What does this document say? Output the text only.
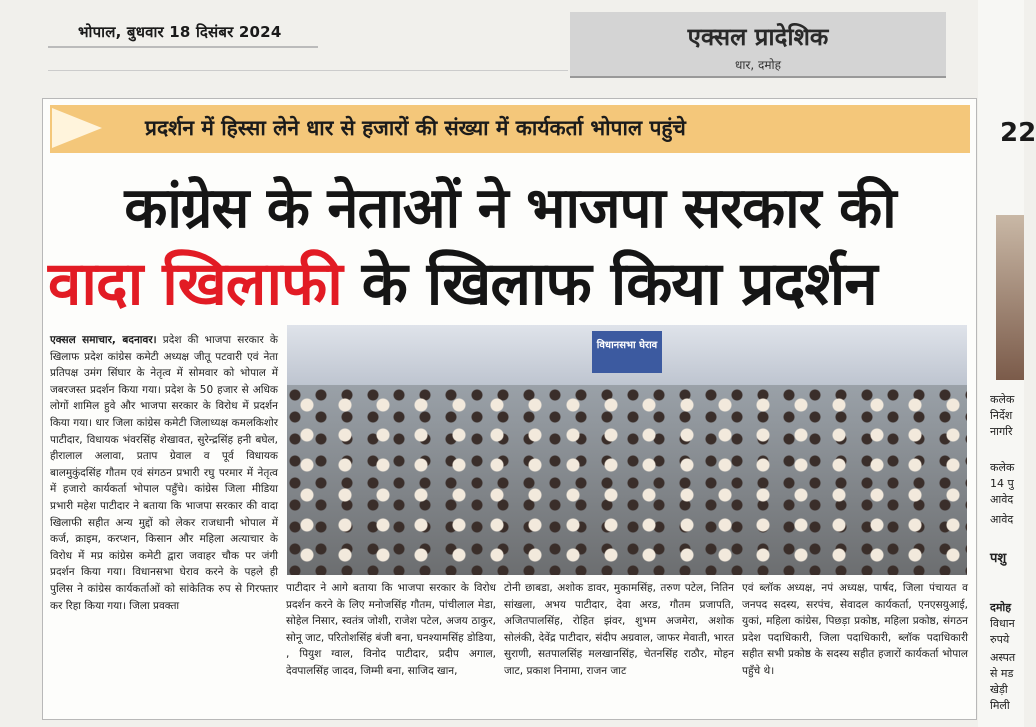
भोपाल, बुधवार 18 दिसंबर 2024	एक्सल प्रादेशिक
धार, दमोह
प्रदर्शन में हिस्सा लेने धार से हजारों की संख्या में कार्यकर्ता भोपाल पहुंचे
कांग्रेस के नेताओं ने भाजपा सरकार की
वादा खिलाफी के खिलाफ किया प्रदर्शन
एक्सल समाचार, बदनावर। प्रदेश की भाजपा सरकार के खिलाफ प्रदेश कांग्रेस कमेटी अध्यक्ष जीतू पटवारी एवं नेता प्रतिपक्ष उमंग सिंघार के नेतृत्व में सोमवार को भोपाल में जबरजस्त प्रदर्शन किया गया। प्रदेश के 50 हजार से अधिक लोगों शामिल हुवे और भाजपा सरकार के विरोध में प्रदर्शन किया गया। धार जिला कांग्रेस कमेटी जिलाध्यक्ष कमलकिशोर पाटीदार, विधायक भंवरसिंह शेखावत, सुरेन्द्रसिंह हनी बघेल, हीरालाल अलावा, प्रताप ग्रेवाल व पूर्व विधायक बालमुकुंदसिंह गौतम एवं संगठन प्रभारी रघु परमार में नेतृत्व में हजारो कार्यकर्ता भोपाल पहुँचे। कांग्रेस जिला मीडिया प्रभारी महेश पाटीदार ने बताया कि भाजपा सरकार की वादा खिलाफी सहीत अन्य मुद्दों को लेकर राजधानी भोपाल में कर्ज, क्राइम, करप्शन, किसान और महिला अत्याचार के विरोध में मप्र कांग्रेस कमेटी द्वारा जवाहर चौक पर जंगी प्रदर्शन किया गया। विधानसभा घेराव करने के पहले ही पुलिस ने कांग्रेस कार्यकर्ताओं को सांकेतिक रुप से गिरफ्तार कर रिहा किया गया। जिला प्रवक्ता
विधानसभा घेराव
पाटीदार ने आगे बताया कि भाजपा सरकार के विरोध प्रदर्शन करने के लिए मनोजसिंह गौतम, पांचीलाल मेडा, सोहेल निसार, स्वतंत्र जोशी, राजेश पटेल, अजय ठाकुर, सोनू जाट, परितोशसिंह बंजी बना, घनश्यामसिंह डोडिया, , पियुश ग्वाल, विनोद पाटीदार, प्रदीप अगाल, देवपालसिंह जादव, जिम्मी बना, साजिद खान,
टोनी छाबडा, अशोक डावर, मुकामसिंह, तरुण पटेल, नितिन सांखला, अभय पाटीदार, देवा अरड, गौतम प्रजापति, अजितपालसिंह, रोहित झंवर, शुभम अजमेरा, अशोक सोलंकी, देवेंद्र पाटीदार, संदीप अग्रवाल, जाफर मेवाती, भारत सुराणी, सतपालसिंह मलखानसिंह, चेतनसिंह राठौर, मोहन जाट, प्रकाश निनामा, राजन जाट
एवं ब्लॉक अध्यक्ष, नपं अध्यक्ष, पार्षद, जिला पंचायत व जनपद सदस्य, सरपंच, सेवादल कार्यकर्ता, एनएसयुआई, युकां, महिला कांग्रेस, पिछड़ा प्रकोष्ठ, महिला प्रकोष्ठ, संगठन प्रदेश पदाधिकारी, जिला पदाधिकारी, ब्लॉक पदाधिकारी सहीत सभी प्रकोष्ठ के सदस्य सहीत हजारों कार्यकर्ता भोपाल पहुँचे थे।
22
कलेक
निर्देश
नागरि
कलेक
14 पु
आवेद
आवेद
पशु
दमोह
विधान
रुपये
अस्पत
से मड
खेड़ी
मिली
